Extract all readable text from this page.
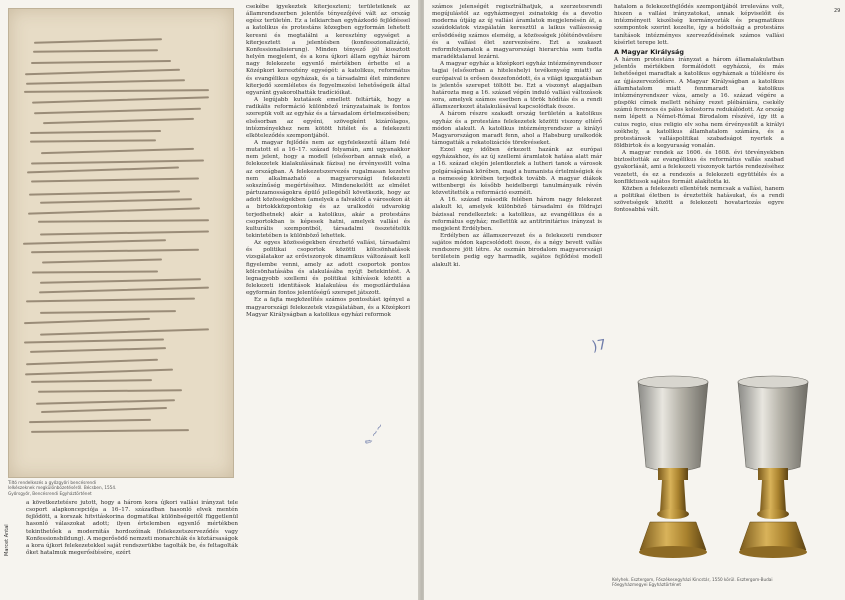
Tiltó rendelkezés a győzgyőri bencésrendi lelkészeknek megkülönbözetéséről. Bécsben, 1554. Győrsgyőr, Bencésrendi Egyháztörténet

a következtetésre jutott, hogy a három kora újkori vallási irányzat tele csoport alapkoncepciója a 16–17. században hasonló elvek mentén fejlődött, a korszak hitvitáskorina dogmatikai különbségeitől függetlenül hasonló válaszokat adott; ilyen értelemben egyenlő mértékben tekinthetőek a modernitás hordozóinak (felekezetszerveződés vagy Konfessionsbildung). A megerősödő nemzeti monarchiák és köztársaságok a kora újkori felekezetekkel saját rendszerükbe tagolták be, és feltagolták őket hatalmuk megerősítésére, ezért

Marcet Antal

csekébe igyekeztek kiterjeszteni; területeiknek az államrendszerben jelentős tényezőjévé vált az ország egész területén. Ez a lelkiarcban egyházkodó fejlődéssel a katolikus és protestáns közegben egyformán lehetett keresni és megtalálni a keresztény egységet a kiterjesztett a jelentésben (konfesszionalizáció, Konfessionalisierung). Minden tényező jól kiosztott helyén megjelent, és a kora újkori állam egyház három nagy felekezete egyenlő mértékben érhette el a Középkori keresztény egységét: a katolikus, református és evangélikus egyházak, és a társadalmi élet mindenre kiterjedő szemléletes és fegyelmezési lehetőségeik által egyaránt gyakorolhatták tradícióikat.

A legújabb kutatások emellett feltárták, hogy a radikális reformáció különböző irányzatainak is fontos szerepük volt az egyház és a társadalom értelmezésében; elsősorban az egyéni, szövegként kizárólagos, intézményekhez nem kötött hitélet és a felekezeti elköteleződés szempontjából.

A magyar fejlődés nem az egyfelekezetű állam felé mutatott el a 16–17. század folyamán, ami ugyanakkor nem jelent, hogy a modell (elsősorban annak első, a felekezetek kialakulásának fázisa) ne érvényesült volna az országban. A felekezetszervezés rugalmasan kezelve nem alkalmazható a magyarországi felekezeti sokszínűség megértéséhez. Mindenekelőtt az elmélet pártuzamosságokra épülő jellegéből következik, hogy az adott közösségekben (amelyek a falvaktól a városokon át a birtokkközpontokig és az uralkodói udvarokig terjedhetnek) akár a katolikus, akár a protestáns csoportokban is képesek hatni, amelyek vallási és kulturális szempontból, társadalmi összetételük tekintetében is különböző lehettek.

Az egyes közösségekben érezhető vallási, társadalmi és politikai csoportok közötti kölcsönhatások vizsgálatakor az erőviszonyok dinamikus változásait kell figyelembe venni, amely az adott csoportok pontos kölcsönhatásába és alakulásába nyújt betekintést. A legnagyobb szellemi és politikai kihívások között a felekezeti identitások kialakulása és megszilárdulása egyformán fontos jelentőségű szerepet játszott.

Ez a fajta megközelítés számos pontosítást igényel a magyarországi felekezetek vizsgálatában, és a Középkori Magyar Királyságban a katolikus egyházi reformok

✎ ~~
29

számos jelenségét regisztrálhatjuk, a szerzetesrendi megújulástól az egyházmegyei zsinatokig és a devotio moderna útjáig az új vallási áramlatok megjelenésén át, a szaúdoklatok vizsgálatán keresztül a laikus vallásosság erősödéséig számos eleméig, a közösségek jóléténövelésre és a vallási élet szervezésére. Ezt a szakaszt reformfolyamatok a magyarországi hierarchia sem tudta maradéktalanul lezárni.

A magyar egyház a középkori egyház intézményrendszer tagjai (elsősorban a hiteleshelyi tevékenység miatt) az európaival is erősen összefonódott, és a világi igazgatásban is jelentős szerepet töltött be. Ezt a viszonyt alapjaiban határozta meg a 16. század végén induló vallási változások sora, amelyek számos esetben a török hódítás és a rendi államszerkezet átalakulásával kapcsolódtak össze.

A három részre szakadt ország területén a katolikus egyház és a protestáns felekezetek közötti viszony eltérő módon alakult. A katolikus intézményrendszer a királyi Magyarországon maradt fenn, ahol a Habsburg uralkodók támogatták a rekatolizációs törekvéseket.

Ezzel egy időben érkezett hazánk az európai egyházakhoz, és az új szellemi áramlatok hatása alatt már a 16. század elején jelentkeztek a lutheri tanok a városok polgárságának körében, majd a humanista értelmiségiek és a nemesség körében terjedtek tovább. A magyar diákok wittenbergi és később heidelbergi tanulmányaik révén közvetítették a reformáció eszméit.

A 16. század második felében három nagy felekezet alakult ki, amelyek különböző társadalmi és földrajzi bázissal rendelkeztek: a katolikus, az evangélikus és a református egyház; mellettük az antitrinitárius irányzat is megjelent Erdélyben.

Erdélyben az államszervezet és a felekezeti rendszer sajátos módon kapcsolódott össze, és a négy bevett vallás rendszere jött létre. Az oszmán birodalom magyarországi területein pedig egy harmadik, sajátos fejlődési modell alakult ki.

)7

hatalom a felekezetfejlődés szempontjából irreleváns volt, hiszen a vallási irányzatokat, annak képviselőit és intézményeit kiszélség kormányozták és pragmatikus szempontok szerint kezelte, így a hódoltság a protestáns tanítások intézményes szerveződésének számos vallási kísérlet terepe lett.

A Magyar Királyság

A három protestáns irányzat a három államalakulatban jelentős mértékben formálódott egyházzá, és más lehetőségei maradtak a katolikus egyháznak a túlélésre és az újjászerveződésre. A Magyar Királyságban a katolikus államhatalom miatt fennmaradt a katolikus intézményrendszer váza, amely a 16. század végére a püspöki címek mellett néhány rezet plébániára, csekély számú ferences és pálos kolostorra redukálódott. Az ország nem lépett a Német-Római Birodalom részévé, így itt a cuius regio, eius religio elv soha nem érvényesült a királyi székhely, a katolikus államhatalom számára, és a protestánsok valláspolitikai szabadságot nyertek a földbirtok és a kegyuraság vonalán.

A magyar rendek az 1606. és 1608. évi törvényekben biztosították az evangélikus és református vallás szabad gyakorlását, ami a felekezeti viszonyok tartós rendezéséhez vezetett, és ez a rendezés a felekezeti együttélés és a konfliktusok sajátos formáit alakította ki.

Közben a felekezeti ellentétek nemcsak a vallási, hanem a politikai életben is éreztették hatásukat, és a rendi szövetségek között a felekezeti hovatartozás egyre fontosabbá vált.

Kelyhek. Esztergom, Főszékesegyházi Kincstár, 1550 körül. Esztergom-Budai Főegyházmegyei Egyháztörténet
